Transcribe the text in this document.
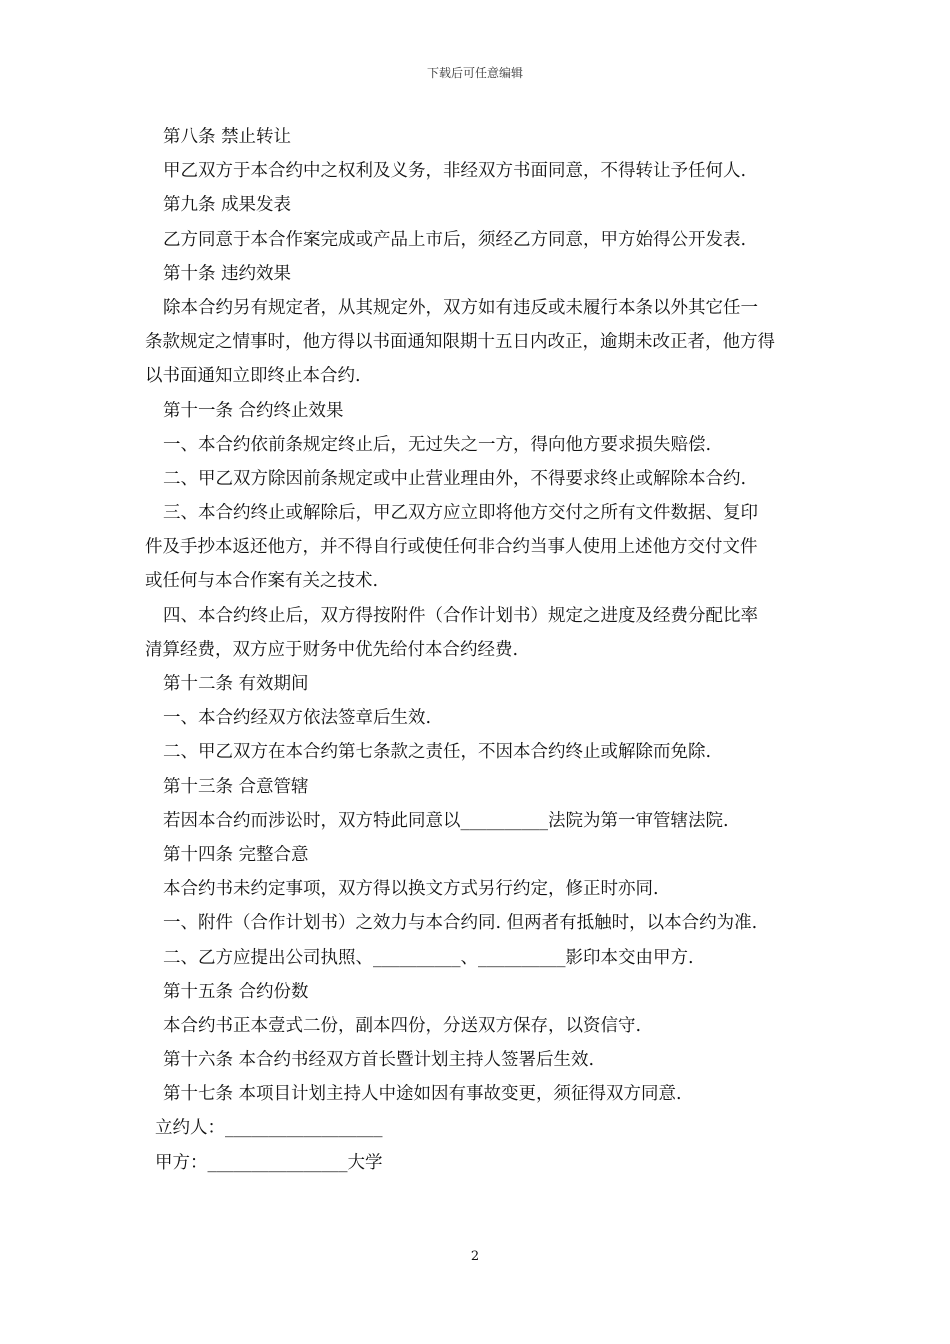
下载后可任意编辑
第八条 禁止转让
甲乙双方于本合约中之权利及义务，非经双方书面同意，不得转让予任何人.
第九条 成果发表
乙方同意于本合作案完成或产品上市后，须经乙方同意，甲方始得公开发表.
第十条 违约效果
除本合约另有规定者，从其规定外，双方如有违反或未履行本条以外其它任一
条款规定之情事时，他方得以书面通知限期十五日内改正，逾期未改正者，他方得
以书面通知立即终止本合约.
第十一条 合约终止效果
一、本合约依前条规定终止后，无过失之一方，得向他方要求损失赔偿.
二、甲乙双方除因前条规定或中止营业理由外，不得要求终止或解除本合约.
三、本合约终止或解除后，甲乙双方应立即将他方交付之所有文件数据、复印
件及手抄本返还他方，并不得自行或使任何非合约当事人使用上述他方交付文件
或任何与本合作案有关之技术.
四、本合约终止后，双方得按附件（合作计划书）规定之进度及经费分配比率
清算经费，双方应于财务中优先给付本合约经费.
第十二条 有效期间
一、本合约经双方依法签章后生效.
二、甲乙双方在本合约第七条款之责任，不因本合约终止或解除而免除.
第十三条 合意管辖
若因本合约而涉讼时，双方特此同意以__________法院为第一审管辖法院.
第十四条 完整合意
本合约书未约定事项，双方得以换文方式另行约定，修正时亦同.
一、附件（合作计划书）之效力与本合约同. 但两者有抵触时，以本合约为准.
二、乙方应提出公司执照、__________、__________影印本交由甲方.
第十五条 合约份数
本合约书正本壹式二份，副本四份，分送双方保存，以资信守.
第十六条 本合约书经双方首长暨计划主持人签署后生效.
第十七条 本项目计划主持人中途如因有事故变更，须征得双方同意.
立约人：__________________
甲方：________________大学
2
